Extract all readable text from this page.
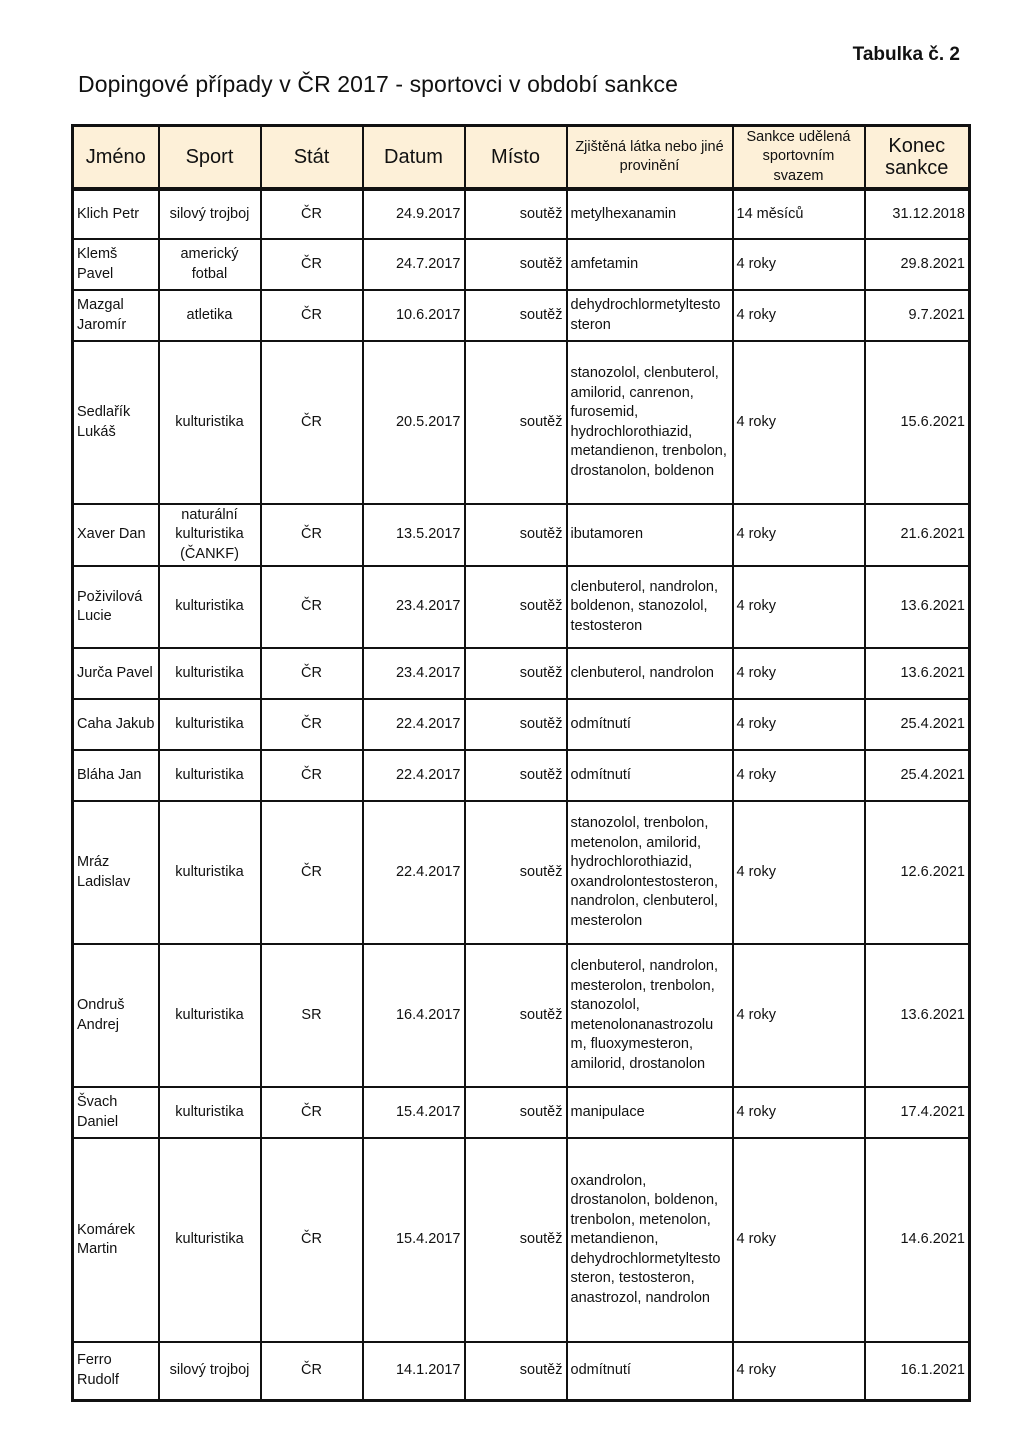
Tabulka č. 2
Dopingové případy v ČR 2017 - sportovci v období sankce
Jméno	Sport	Stát	Datum	Místo	Zjištěná látka nebo jiné provinění	Sankce udělená sportovním svazem	Konec sankce
Klich Petr	silový trojboj	ČR	24.9.2017	soutěž	metylhexanamin	14 měsíců	31.12.2018
Klemš Pavel	americký fotbal	ČR	24.7.2017	soutěž	amfetamin	4 roky	29.8.2021
Mazgal Jaromír	atletika	ČR	10.6.2017	soutěž	dehydrochlormetyltesto steron	4 roky	9.7.2021
Sedlařík Lukáš	kulturistika	ČR	20.5.2017	soutěž	stanozolol, clenbuterol, amilorid, canrenon, furosemid, hydrochlorothiazid, metandienon, trenbolon, drostanolon, boldenon	4 roky	15.6.2021
Xaver Dan	naturální kulturistika (ČANKF)	ČR	13.5.2017	soutěž	ibutamoren	4 roky	21.6.2021
Poživilová Lucie	kulturistika	ČR	23.4.2017	soutěž	clenbuterol, nandrolon, boldenon, stanozolol, testosteron	4 roky	13.6.2021
Jurča Pavel	kulturistika	ČR	23.4.2017	soutěž	clenbuterol, nandrolon	4 roky	13.6.2021
Caha Jakub	kulturistika	ČR	22.4.2017	soutěž	odmítnutí	4 roky	25.4.2021
Bláha Jan	kulturistika	ČR	22.4.2017	soutěž	odmítnutí	4 roky	25.4.2021
Mráz Ladislav	kulturistika	ČR	22.4.2017	soutěž	stanozolol, trenbolon, metenolon, amilorid, hydrochlorothiazid, oxandrolontestosteron, nandrolon, clenbuterol, mesterolon	4 roky	12.6.2021
Ondruš Andrej	kulturistika	SR	16.4.2017	soutěž	clenbuterol, nandrolon, mesterolon, trenbolon, stanozolol, metenolonanastrozolu m, fluoxymesteron, amilorid, drostanolon	4 roky	13.6.2021
Švach Daniel	kulturistika	ČR	15.4.2017	soutěž	manipulace	4 roky	17.4.2021
Komárek Martin	kulturistika	ČR	15.4.2017	soutěž	oxandrolon, drostanolon, boldenon, trenbolon, metenolon, metandienon, dehydrochlormetyltesto steron, testosteron, anastrozol, nandrolon	4 roky	14.6.2021
Ferro Rudolf	silový trojboj	ČR	14.1.2017	soutěž	odmítnutí	4 roky	16.1.2021
